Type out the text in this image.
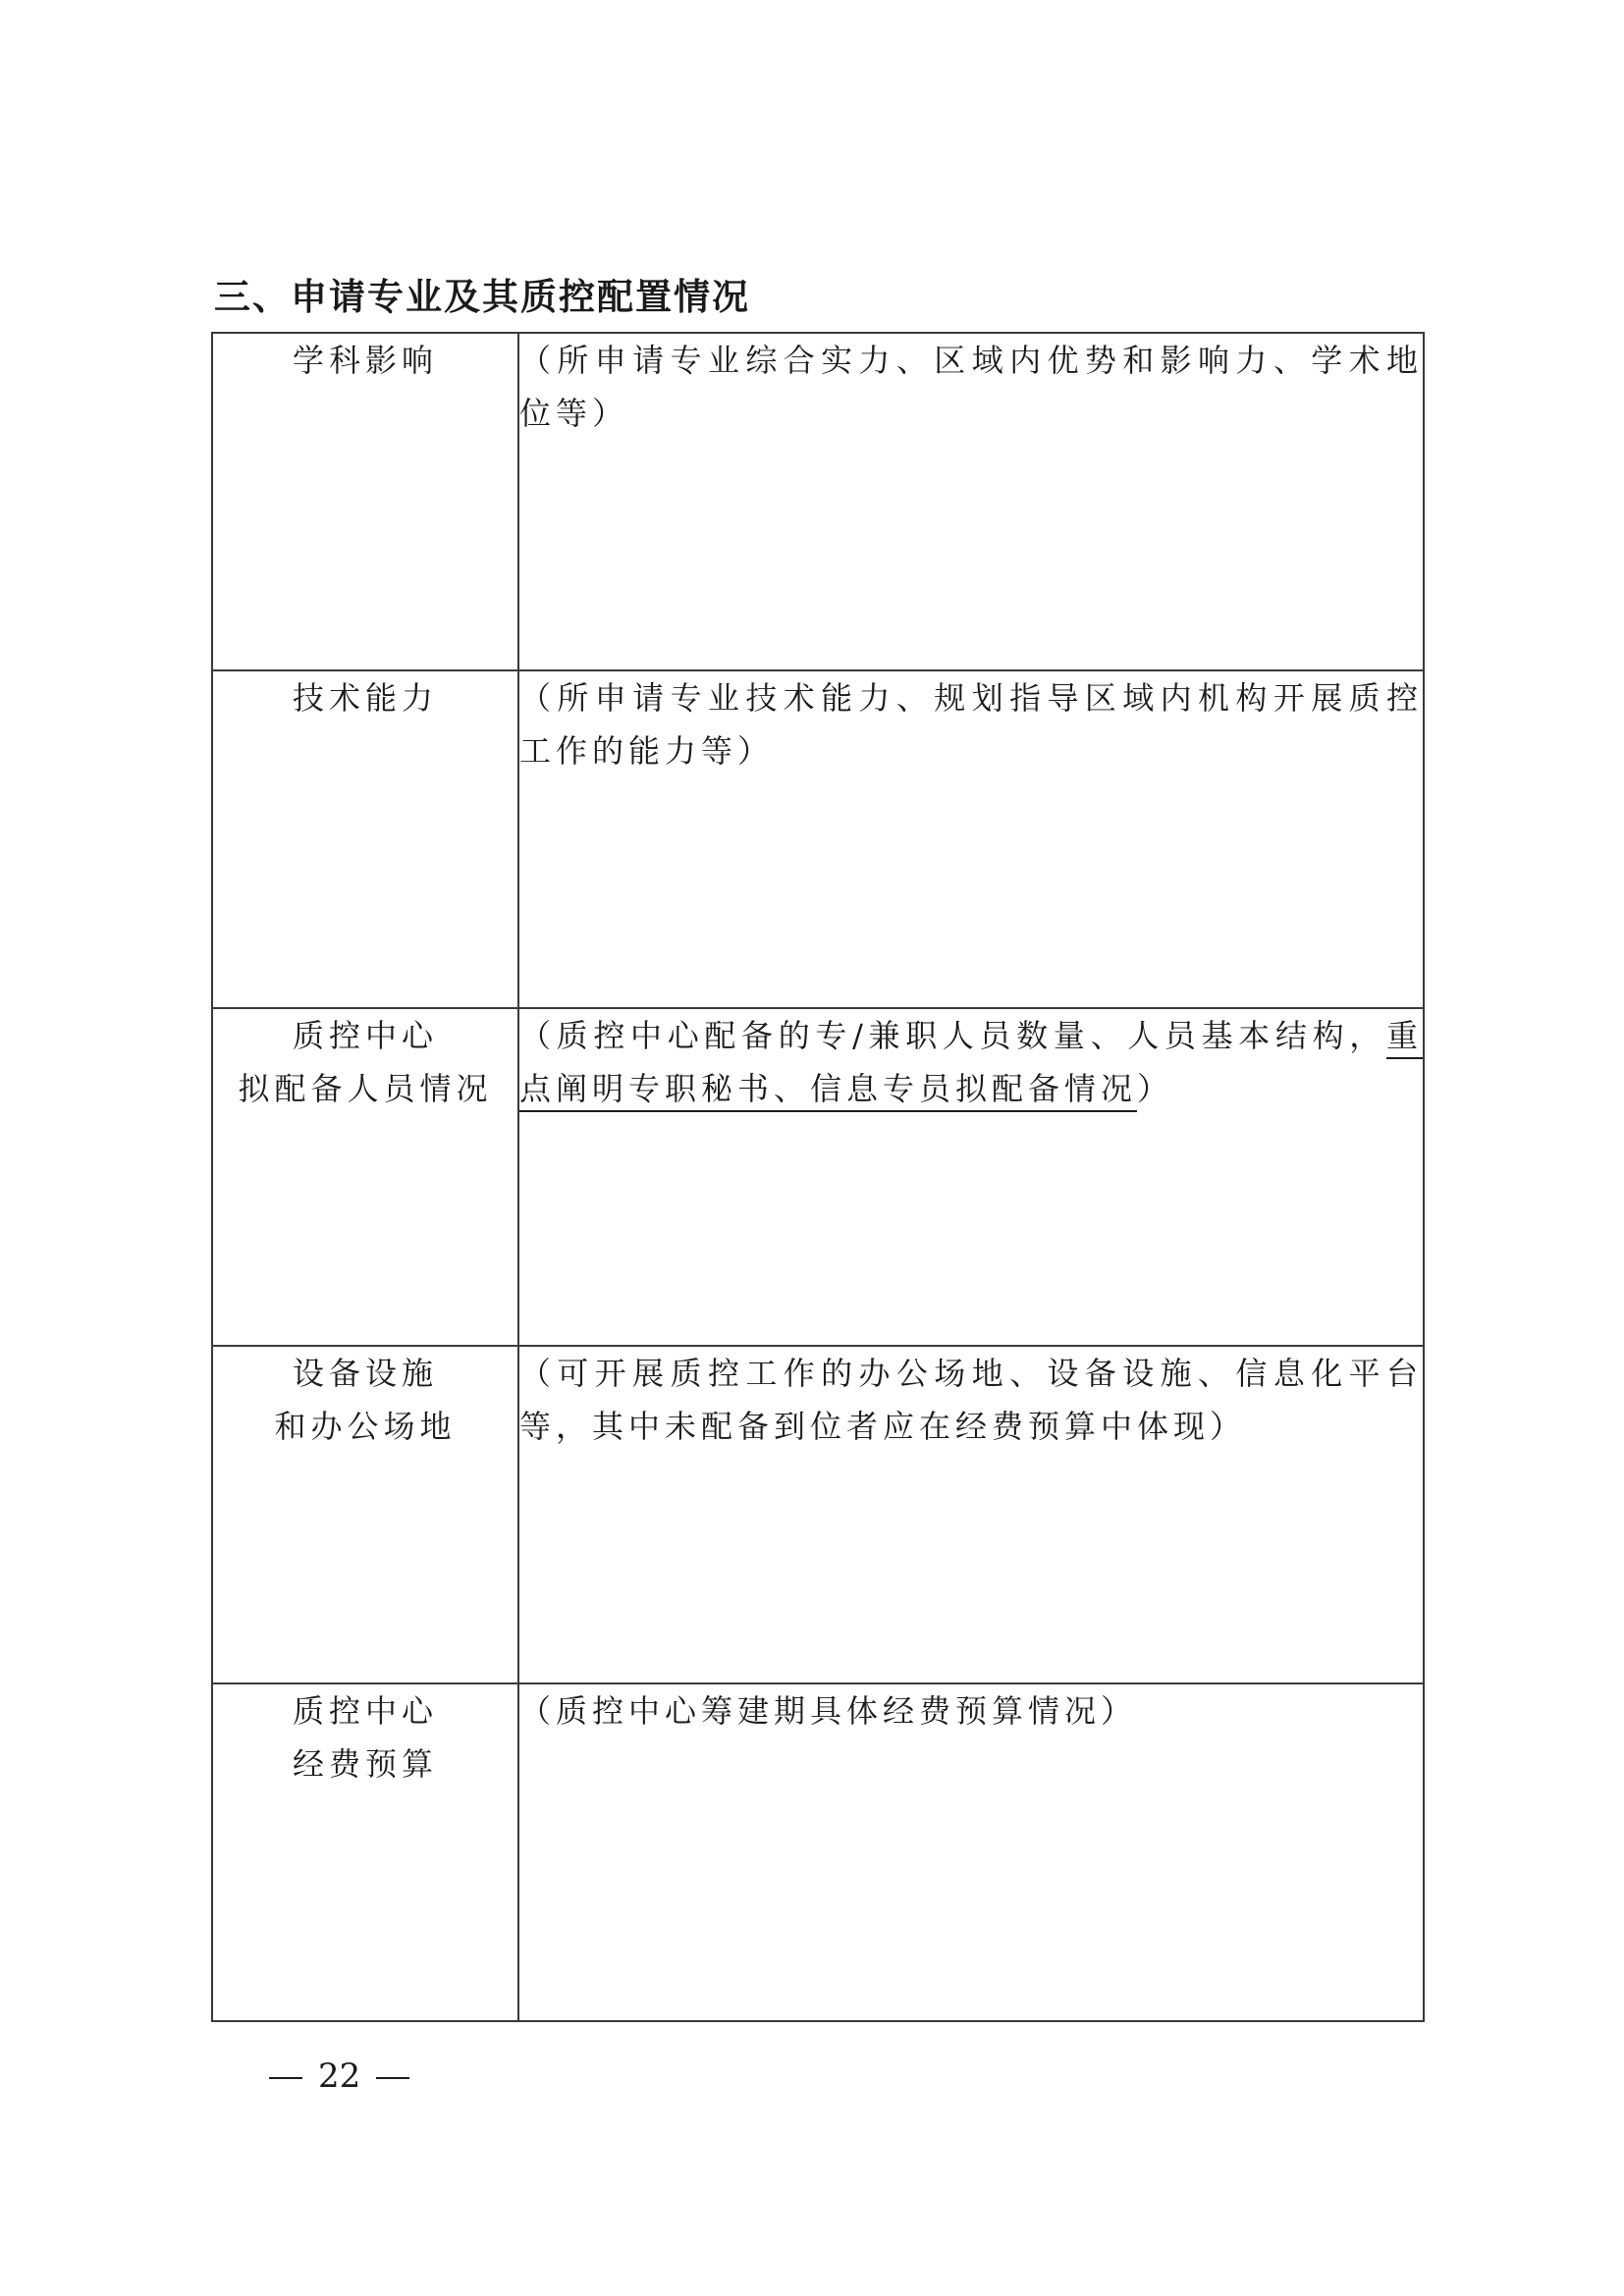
三、申请专业及其质控配置情况
学科影响	（所申请专业综合实力、区域内优势和影响力、学术地位等）

技术能力	（所申请专业技术能力、规划指导区域内机构开展质控工作的能力等）

质控中心
拟配备人员情况	（质控中心配备的专/兼职人员数量、人员基本结构，重点阐明专职秘书、信息专员拟配备情况）

设备设施
和办公场地	（可开展质控工作的办公场地、设备设施、信息化平台等，其中未配备到位者应在经费预算中体现）

质控中心
经费预算	（质控中心筹建期具体经费预算情况）
22
